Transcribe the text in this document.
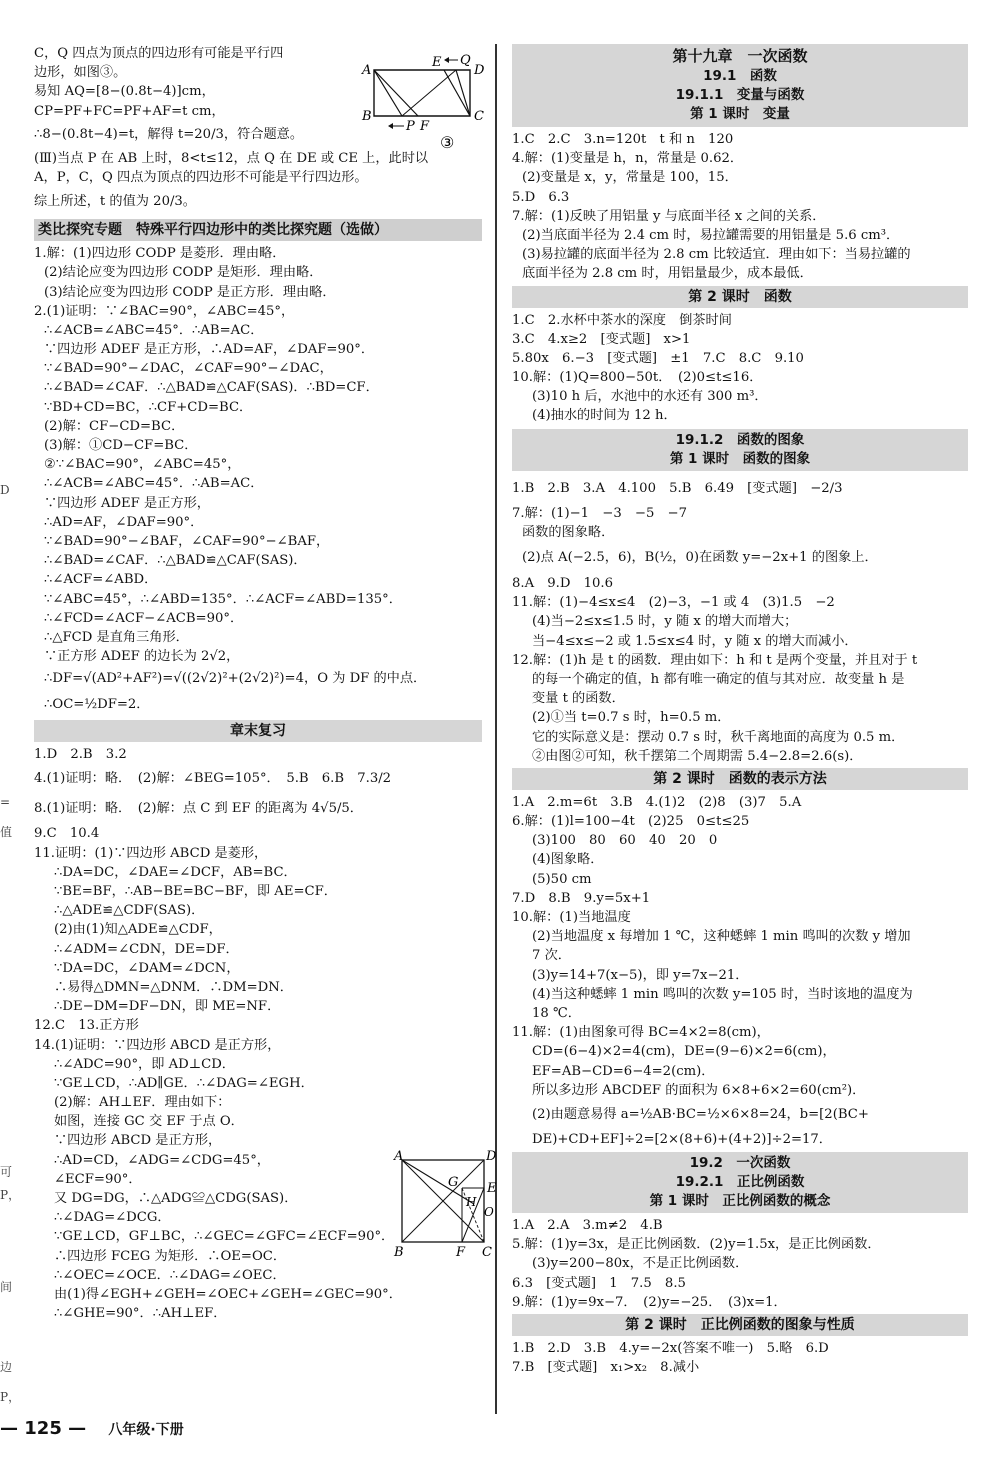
D
=
值
可
P，
间
边
P，
C，Q 四点为顶点的四边形有可能是平行四
边形，如图③。
易知 AQ=[8−(0.8t−4)]cm，
CP=PF+FC=PF+AF=t cm，
∴8−(0.8t−4)=t，解得 t=20/3，符合题意。
(Ⅲ)当点 P 在 AB 上时，8<t≤12，点 Q 在 DE 或 CE 上，此时以
A，P，C，Q 四点为顶点的四边形不可能是平行四边形。
综上所述，t 的值为 20/3。
类比探究专题　特殊平行四边形中的类比探究题（选做）
1.解：(1)四边形 CODP 是菱形．理由略．
(2)结论应变为四边形 CODP 是矩形．理由略．
(3)结论应变为四边形 CODP 是正方形．理由略．
2.(1)证明：∵∠BAC=90°，∠ABC=45°，
∴∠ACB=∠ABC=45°．∴AB=AC．
∵四边形 ADEF 是正方形，∴AD=AF，∠DAF=90°．
∵∠BAD=90°−∠DAC，∠CAF=90°−∠DAC，
∴∠BAD=∠CAF．∴△BAD≌△CAF(SAS)．∴BD=CF．
∵BD+CD=BC，∴CF+CD=BC．
(2)解：CF−CD=BC．
(3)解：①CD−CF=BC．
②∵∠BAC=90°，∠ABC=45°，
∴∠ACB=∠ABC=45°．∴AB=AC．
∵四边形 ADEF 是正方形，
∴AD=AF，∠DAF=90°．
∵∠BAD=90°−∠BAF，∠CAF=90°−∠BAF，
∴∠BAD=∠CAF．∴△BAD≌△CAF(SAS)．
∴∠ACF=∠ABD．
∵∠ABC=45°，∴∠ABD=135°．∴∠ACF=∠ABD=135°．
∴∠FCD=∠ACF−∠ACB=90°．
∴△FCD 是直角三角形．
∵正方形 ADEF 的边长为 2√2，
∴DF=√(AD²+AF²)=√((2√2)²+(2√2)²)=4，O 为 DF 的中点．
∴OC=½DF=2．
章末复习
1.D　2.B　3.2
4.(1)证明：略．　(2)解：∠BEG=105°．　5.B　6.B　7.3/2
8.(1)证明：略．　(2)解：点 C 到 EF 的距离为 4√5/5．
9.C　10.4
11.证明：(1)∵四边形 ABCD 是菱形，
∴DA=DC，∠DAE=∠DCF，AB=BC．
∵BE=BF，∴AB−BE=BC−BF，即 AE=CF．
∴△ADE≌△CDF(SAS)．
(2)由(1)知△ADE≌△CDF，
∴∠ADM=∠CDN，DE=DF．
∵DA=DC，∠DAM=∠DCN，
∴易得△DMN=△DNM．∴DM=DN．
∴DE−DM=DF−DN，即 ME=NF．
12.C　13.正方形
14.(1)证明：∵四边形 ABCD 是正方形，
∴∠ADC=90°，即 AD⊥CD．
∵GE⊥CD，∴AD∥GE．∴∠DAG=∠EGH．
(2)解：AH⊥EF．理由如下：
如图，连接 GC 交 EF 于点 O．
∵四边形 ABCD 是正方形，
∴AD=CD，∠ADG=∠CDG=45°，
∠ECF=90°．
又 DG=DG，∴△ADG≌△CDG(SAS)．
∴∠DAG=∠DCG．
∵GE⊥CD，GF⊥BC，∴∠GEC=∠GFC=∠ECF=90°．
∴四边形 FCEG 为矩形．∴OE=OC．
∴∠OEC=∠OCE．∴∠DAG=∠OEC．
由(1)得∠EGH+∠GEH=∠OEC+∠GEH=∠GEC=90°．
∴∠GHE=90°．∴AH⊥EF．
A
E Q
D
B
P F
C
③
A	D
G E
H
O
B	F C
第十九章　一次函数
19.1　函数
19.1.1　变量与函数
第 1 课时　变量
1.C　2.C　3.n=120t　t 和 n　120
4.解：(1)变量是 h，n，常量是 0.62．
(2)变量是 x，y，常量是 100，15．
5.D　6.3
7.解：(1)反映了用铝量 y 与底面半径 x 之间的关系．
(2)当底面半径为 2.4 cm 时，易拉罐需要的用铝量是 5.6 cm³．
(3)易拉罐的底面半径为 2.8 cm 比较适宜．理由如下：当易拉罐的
底面半径为 2.8 cm 时，用铝量最少，成本最低．
第 2 课时　函数
1.C　2.水杯中茶水的深度　倒茶时间
3.C　4.x≥2　[变式题]　x>1
5.80x　6.−3　[变式题]　±1　7.C　8.C　9.10
10.解：(1)Q=800−50t．　(2)0≤t≤16．
(3)10 h 后，水池中的水还有 300 m³．
(4)抽水的时间为 12 h．
19.1.2　函数的图象
第 1 课时　函数的图象
1.B　2.B　3.A　4.100　5.B　6.49　[变式题]　−2/3
7.解：(1)−1　−3　−5　−7
函数的图象略．
(2)点 A(−2.5，6)，B(½，0)在函数 y=−2x+1 的图象上．
8.A　9.D　10.6
11.解：(1)−4≤x≤4　(2)−3，−1 或 4　(3)1.5　−2
(4)当−2≤x≤1.5 时，y 随 x 的增大而增大；
当−4≤x≤−2 或 1.5≤x≤4 时，y 随 x 的增大而减小．
12.解：(1)h 是 t 的函数．理由如下：h 和 t 是两个变量，并且对于 t
的每一个确定的值，h 都有唯一确定的值与其对应．故变量 h 是
变量 t 的函数．
(2)①当 t=0.7 s 时，h=0.5 m．
它的实际意义是：摆动 0.7 s 时，秋千离地面的高度为 0.5 m．
②由图②可知，秋千摆第二个周期需 5.4−2.8=2.6(s)．
第 2 课时　函数的表示方法
1.A　2.m=6t　3.B　4.(1)2　(2)8　(3)7　5.A
6.解：(1)l=100−4t　(2)25　0≤t≤25
(3)100　80　60　40　20　0
(4)图象略．
(5)50 cm
7.D　8.B　9.y=5x+1
10.解：(1)当地温度
(2)当地温度 x 每增加 1 ℃，这种蟋蟀 1 min 鸣叫的次数 y 增加
7 次．
(3)y=14+7(x−5)，即 y=7x−21．
(4)当这种蟋蟀 1 min 鸣叫的次数 y=105 时，当时该地的温度为
18 ℃．
11.解：(1)由图象可得 BC=4×2=8(cm)，
CD=(6−4)×2=4(cm)，DE=(9−6)×2=6(cm)，
EF=AB−CD=6−4=2(cm)．
所以多边形 ABCDEF 的面积为 6×8+6×2=60(cm²)．
(2)由题意易得 a=½AB·BC=½×6×8=24，b=[2(BC+
DE)+CD+EF]÷2=[2×(8+6)+(4+2)]÷2=17．
19.2　一次函数
19.2.1　正比例函数
第 1 课时　正比例函数的概念
1.A　2.A　3.m≠2　4.B
5.解：(1)y=3x，是正比例函数．(2)y=1.5x，是正比例函数．
(3)y=200−80x，不是正比例函数．
6.3　[变式题]　1　7.5　8.5
9.解：(1)y=9x−7．　(2)y=−25．　(3)x=1．
第 2 课时　正比例函数的图象与性质
1.B　2.D　3.B　4.y=−2x(答案不唯一)　5.略　6.D
7.B　[变式题]　x₁>x₂　8.减小
— 125 — 八年级·下册
